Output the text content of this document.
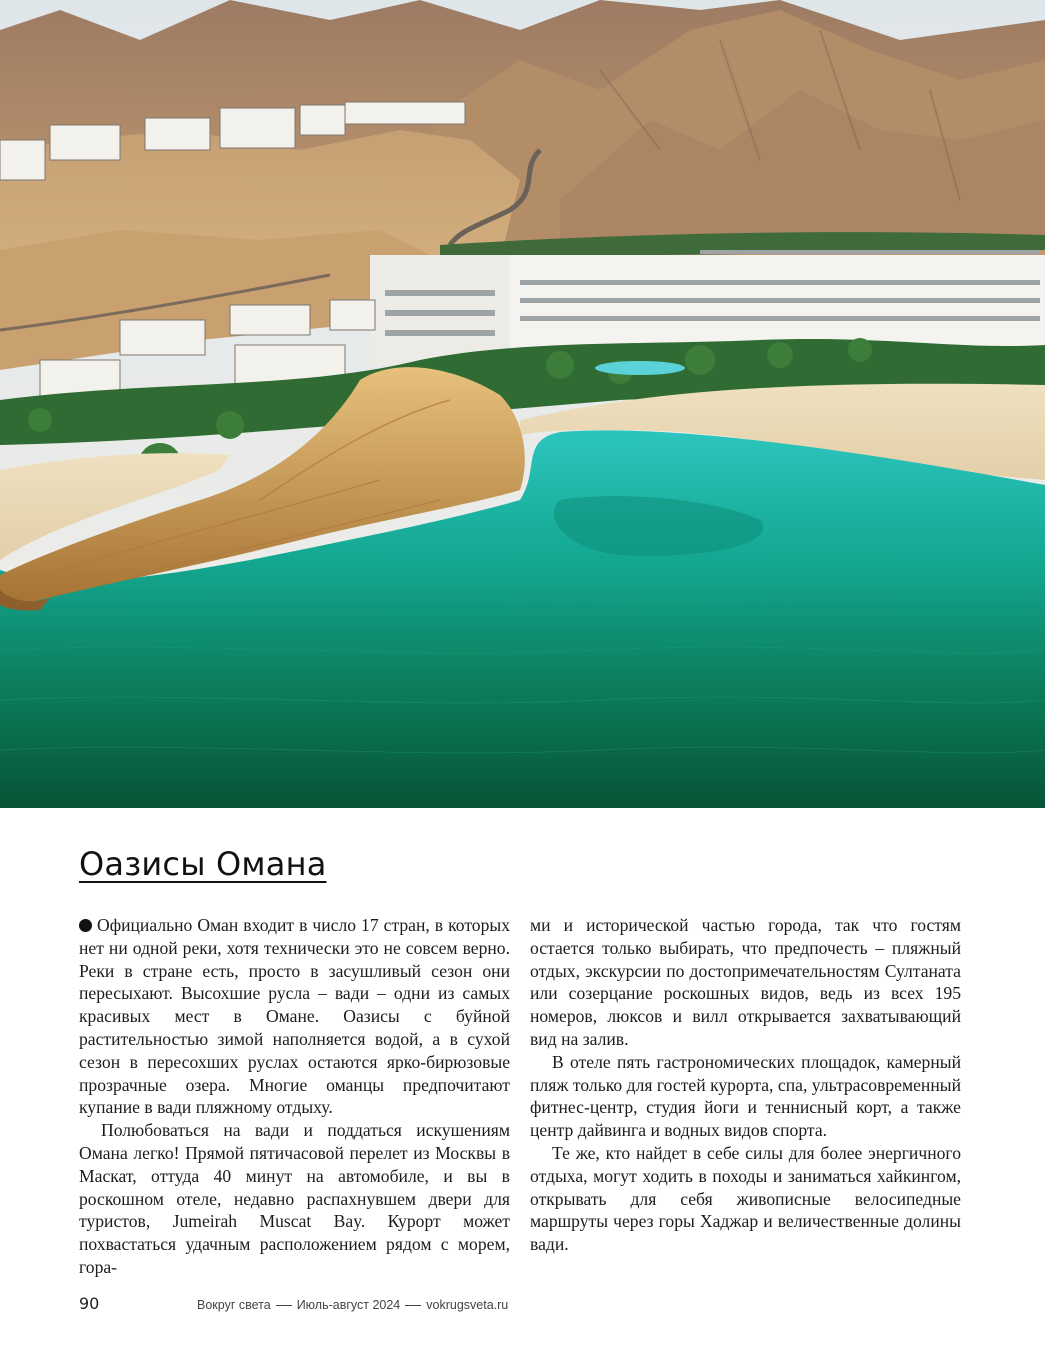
Оазисы Омана

Официально Оман входит в число 17 стран, в которых нет ни одной реки, хотя технически это не совсем верно. Реки в стране есть, просто в засушливый сезон они пересыхают. Высохшие русла – вади – одни из самых красивых мест в Омане. Оазисы с буйной растительностью зимой наполняется водой, а в сухой сезон в пересохших руслах остаются ярко-бирюзовые прозрачные озера. Многие оманцы предпочитают купание в вади пляжному отдыху.

Полюбоваться на вади и поддаться искушениям Омана легко! Прямой пятичасовой перелет из Москвы в Маскат, оттуда 40 минут на автомобиле, и вы в роскошном отеле, недавно распахнувшем двери для туристов, Jumeirah Muscat Bay. Курорт может похвастаться удачным расположением рядом с морем, гора-

ми и исторической частью города, так что гостям остается только выбирать, что предпочесть – пляжный отдых, экскурсии по достопримечательностям Султаната или созерцание роскошных видов, ведь из всех 195 номеров, люксов и вилл открывается захватывающий вид на залив.

В отеле пять гастрономических площадок, камерный пляж только для гостей курорта, спа, ультрасовременный фитнес-центр, студия йоги и теннисный корт, а также центр дайвинга и водных видов спорта.

Те же, кто найдет в себе силы для более энергичного отдыха, могут ходить в походы и заниматься хайкингом, открывать для себя живописные велосипедные маршруты через горы Хаджар и величественные долины вади.

90	Вокруг света Июль-август 2024 vokrugsveta.ru
